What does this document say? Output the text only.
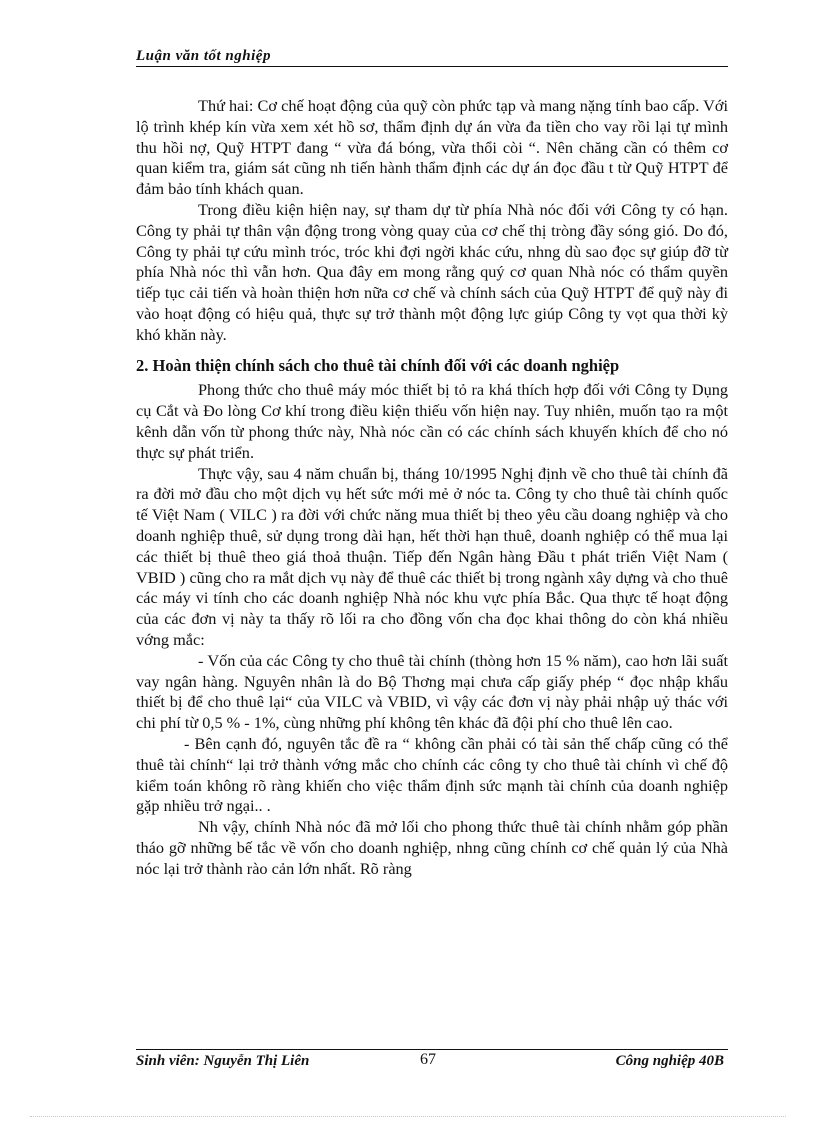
Luận văn tốt nghiệp

Thứ hai: Cơ chế hoạt động của quỹ còn phức tạp và mang nặng tính bao cấp. Với lộ trình khép kín vừa xem xét hồ sơ, thẩm định dự án vừa đa tiền cho vay rồi lại tự mình thu hồi nợ, Quỹ HTPT đang “ vừa đá bóng, vừa thổi còi “. Nên chăng cần có thêm cơ quan kiểm tra, giám sát cũng nh tiến hành thẩm định các dự án đọc đầu t từ Quỹ HTPT để đảm bảo tính khách quan.

Trong điều kiện hiện nay, sự tham dự từ phía Nhà nóc đối với Công ty có hạn. Công ty phải tự thân vận động trong vòng quay của cơ chế thị tròng đầy sóng gió. Do đó, Công ty phải tự cứu mình tróc, tróc khi đợi ngời khác cứu, nhng dù sao đọc sự giúp đỡ từ phía Nhà nóc thì vẫn hơn. Qua đây em mong rằng quý cơ quan Nhà nóc có thẩm quyền tiếp tục cải tiến và hoàn thiện hơn nữa cơ chế và chính sách của Quỹ HTPT để quỹ này đi vào hoạt động có hiệu quả, thực sự trở thành một động lực giúp Công ty vọt qua thời kỳ khó khăn này.

2. Hoàn thiện chính sách cho thuê tài chính đối với các doanh nghiệp

Phong thức cho thuê máy móc thiết bị tỏ ra khá thích hợp đối với Công ty Dụng cụ Cắt và Đo lòng Cơ khí trong điều kiện thiếu vốn hiện nay. Tuy nhiên, muốn tạo ra một kênh dẫn vốn từ phong thức này, Nhà nóc cần có các chính sách khuyến khích để cho nó thực sự phát triển.

Thực vậy, sau 4 năm chuẩn bị, tháng 10/1995 Nghị định về cho thuê tài chính đã ra đời mở đầu cho một dịch vụ hết sức mới mẻ ở nóc ta. Công ty cho thuê tài chính quốc tế Việt Nam ( VILC ) ra đời với chức năng mua thiết bị theo yêu cầu doang nghiệp và cho doanh nghiệp thuê, sử dụng trong dài hạn, hết thời hạn thuê, doanh nghiệp có thể mua lại các thiết bị thuê theo giá thoả thuận. Tiếp đến Ngân hàng Đầu t phát triển Việt Nam ( VBID ) cũng cho ra mắt dịch vụ này để thuê các thiết bị trong ngành xây dựng và cho thuê các máy vi tính cho các doanh nghiệp Nhà nóc khu vực phía Bắc. Qua thực tế hoạt động của các đơn vị này ta thấy rõ lối ra cho đồng vốn cha đọc khai thông do còn khá nhiều vớng mắc:

- Vốn của các Công ty cho thuê tài chính (thòng hơn 15 % năm), cao hơn lãi suất vay ngân hàng. Nguyên nhân là do Bộ Thơng mại chưa cấp giấy phép “ đọc nhập khẩu thiết bị để cho thuê lại“ của VILC và VBID, vì vậy các đơn vị này phải nhập uỷ thác với chi phí từ 0,5 % - 1%, cùng những phí không tên khác đã đội phí cho thuê lên cao.

- Bên cạnh đó, nguyên tắc đề ra “ không cần phải có tài sản thế chấp cũng có thể thuê tài chính“ lại trở thành vớng mắc cho chính các công ty cho thuê tài chính vì chế độ kiểm toán không rõ ràng khiến cho việc thẩm định sức mạnh tài chính của doanh nghiệp gặp nhiều trở ngại.. .

Nh vậy, chính Nhà nóc đã mở lối cho phong thức thuê tài chính nhằm góp phần tháo gỡ những bế tắc về vốn cho doanh nghiệp, nhng cũng chính cơ chế quản lý của Nhà nóc lại trở thành rào cản lớn nhất. Rõ ràng

Sinh viên: Nguyễn Thị Liên	67	Công nghiệp 40B
